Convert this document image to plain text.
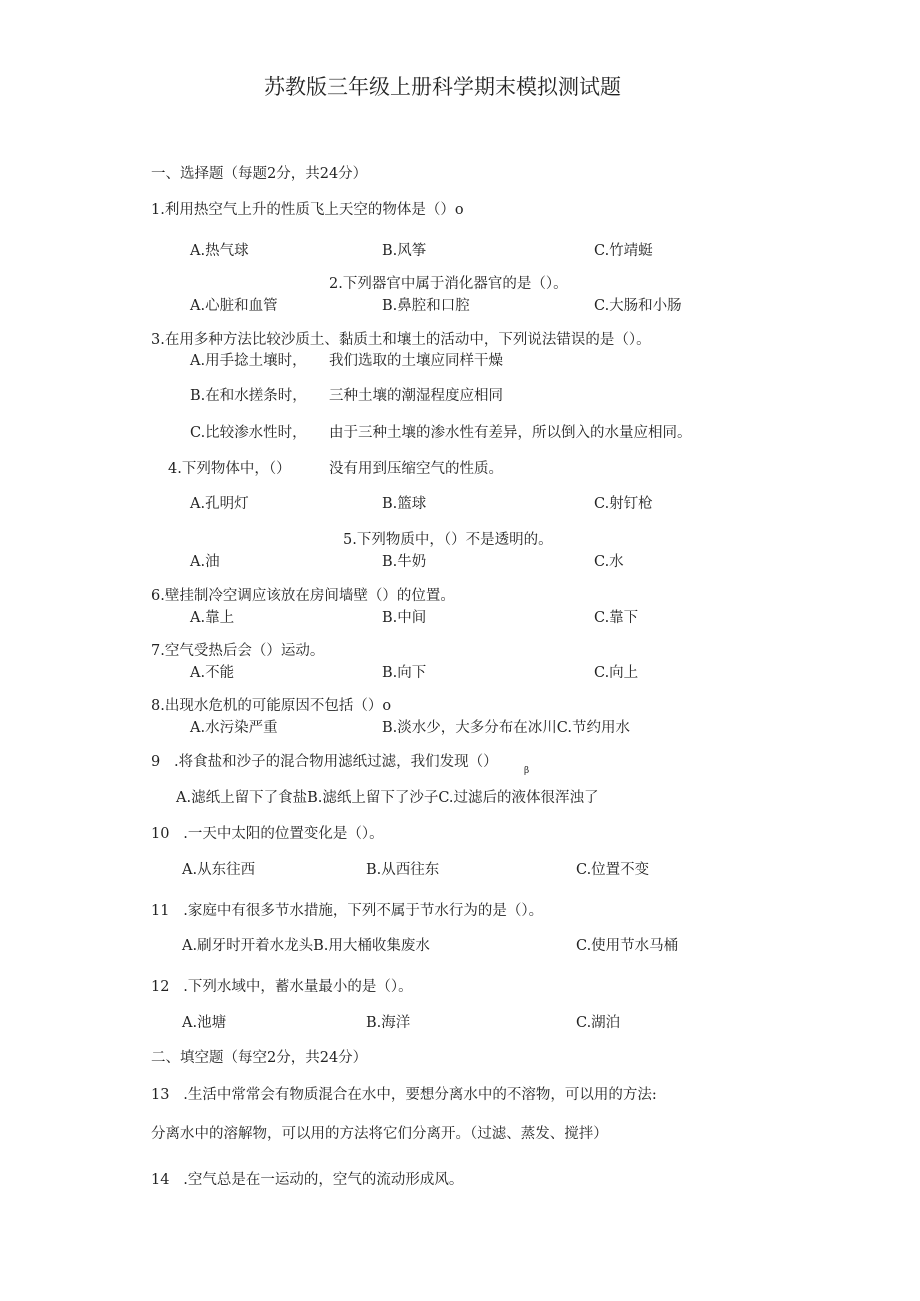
苏教版三年级上册科学期末模拟测试题
一、选择题（每题2分，共24分）
1.利用热空气上升的性质飞上天空的物体是（）o
A.热气球	B.风筝	C.竹靖蜓
2.下列器官中属于消化器官的是（）。
A.心脏和血管	B.鼻腔和口腔	C.大肠和小肠
3.在用多种方法比较沙质土、黏质土和壤土的活动中，下列说法错误的是（）。
A.用手捻土壤时， 我们选取的土壤应同样干燥
B.在和水搓条时， 三种土壤的潮湿程度应相同
C.比较渗水性时， 由于三种土壤的渗水性有差异，所以倒入的水量应相同。
4.下列物体中，（）	没有用到压缩空气的性质。
A.孔明灯	B.篮球	C.射钉枪
5.下列物质中，（）不是透明的。
A.油	B.牛奶	C.水
6.壁挂制冷空调应该放在房间墙壁（）的位置。
A.靠上	B.中间	C.靠下
7.空气受热后会（）运动。
A.不能	B.向下	C.向上
8.出现水危机的可能原因不包括（）o
A.水污染严重	B.淡水少，大多分布在冰川C.节约用水
9   .将食盐和沙子的混合物用滤纸过滤，我们发现（）
β
A.滤纸上留下了食盐B.滤纸上留下了沙子C.过滤后的液体很浑浊了
10   .一天中太阳的位置变化是（）。
A.从东往西	B.从西往东	C.位置不变
11   .家庭中有很多节水措施，下列不属于节水行为的是（）。
A.刷牙时开着水龙头B.用大桶收集废水	C.使用节水马桶
12   .下列水域中，蓄水量最小的是（）。
A.池塘	B.海洋	C.湖泊
二、填空题（每空2分，共24分）
13   .生活中常常会有物质混合在水中，要想分离水中的不溶物，可以用的方法:
分离水中的溶解物，可以用的方法将它们分离开。（过滤、蒸发、搅拌）
14   .空气总是在一运动的，空气的流动形成风。
